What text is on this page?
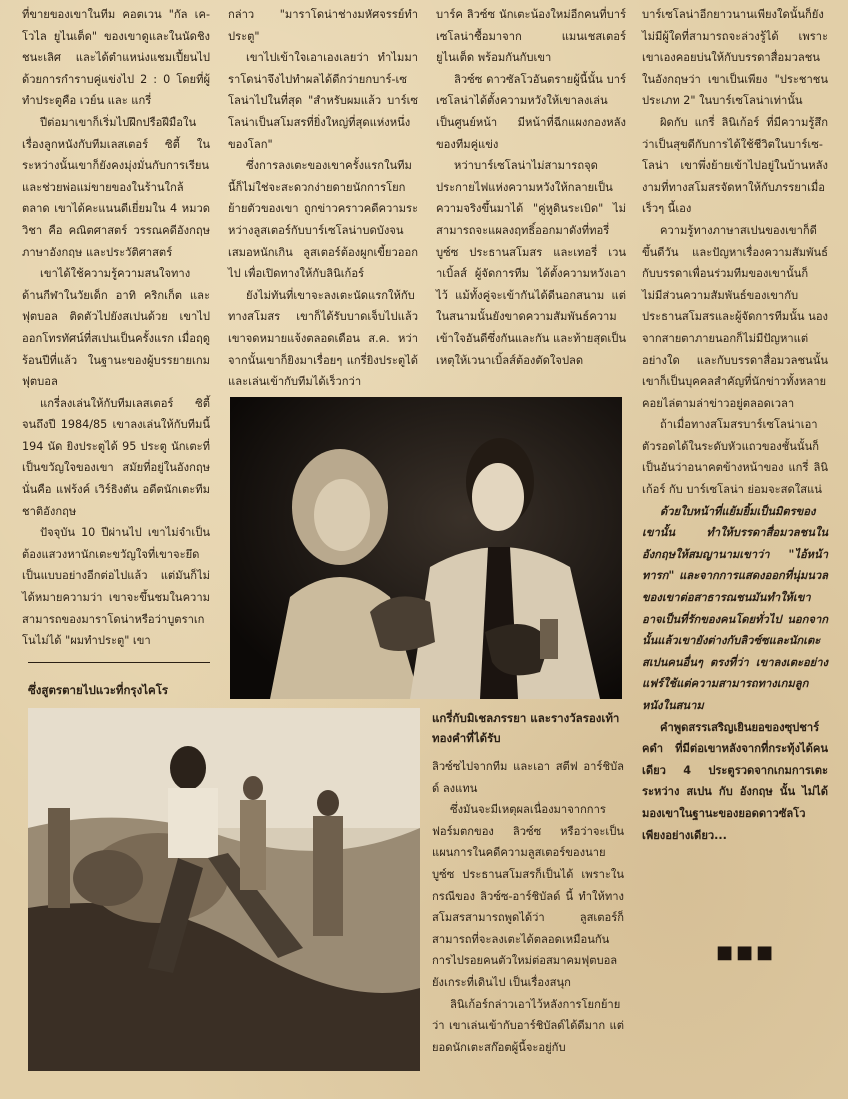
ที่ขายของเขาในทีม คอตเวน "กัล เค-โวไล ยูไนเต็ด" ของเขาดูและในนัดชิงชนะเลิศ และได้ตำแหน่งแชมเปี้ยนไปด้วยการกำราบคู่แข่งไป 2 : 0 โดยที่ผู้ทำประตูคือ เวย์น และ แกรี่

ปีต่อมาเขาก็เริ่มไปฝึกปรือฝีมือในเรื่องลูกหนังกับทีมเลสเตอร์ ซิตี้ ในระหว่างนั้นเขาก็ยังคงมุ่งมั่นกับการเรียน และช่วยพ่อแม่ขายของในร้านใกล้ตลาด เขาได้คะแนนดีเยี่ยมใน 4 หมวดวิชา คือ คณิตศาสตร์ วรรณคดีอังกฤษ ภาษาอังกฤษ และประวัติศาสตร์

เขาได้ใช้ความรู้ความสนใจทางด้านกีฬาในวัยเด็ก อาทิ คริกเก็ต และฟุตบอล ติดตัวไปยังสเปนด้วย เขาไปออกโทรทัศน์ที่สเปนเป็นครั้งแรก เมื่อฤดูร้อนปีที่แล้ว ในฐานะของผู้บรรยายเกมฟุตบอล

แกรี่ลงเล่นให้กับทีมเลสเตอร์ ซิตี้ จนถึงปี 1984/85 เขาลงเล่นให้กับทีมนี้ 194 นัด ยิงประตูได้ 95 ประตู นักเตะที่เป็นขวัญใจของเขา สมัยที่อยู่ในอังกฤษนั่นคือ แฟร้งค์ เวิร์ธิงตัน อดีตนักเตะทีมชาติอังกฤษ

ปัจจุบัน 10 ปีผ่านไป เขาไม่จำเป็นต้องแสวงหานักเตะขวัญใจที่เขาจะยึดเป็นแบบอย่างอีกต่อไปแล้ว แต่มันก็ไม่ได้หมายความว่า เขาจะขึ้นชมในความสามารถของมาราโดน่าหรือว่าบูตราเกโนไม่ได้ "ผมทำประตู" เขา

กล่าว "มาราโดน่าช่างมหัศจรรย์ทำประตู"

เขาไปเข้าใจเอาเองเลยว่า ทำไมมาราโดน่าจึงไปทำผลได้ดีกว่ายกบาร์-เซโลน่าไปในที่สุด "สำหรับผมแล้ว บาร์เซโลน่าเป็นสโมสรที่ยิ่งใหญ่ที่สุดแห่งหนึ่งของโลก"

ซึ่งการลงเตะของเขาครั้งแรกในทีมนี้ก็ไม่ใช่จะสะดวกง่ายดายนักการโยกย้ายตัวของเขา ถูกข่าวคราวคดีความระหว่างลูสเตอร์กับบาร์เซโลน่าบดบังจนเสมอหนักเกิน ลูสเตอร์ต้องผูกเขี้ยวออกไป เพื่อเปิดทางให้กับลินิเก้อร์

ยังไม่ทันที่เขาจะลงเตะนัดแรกให้กับทางสโมสร เขาก็ได้รับบาดเจ็บไปแล้ว เขาจดหมายแจ้งตลอดเดือน ส.ค. หว่าจากนั้นเขาก็ยิงมาเรื่อยๆ แกรี่ยิงประตูได้ และเล่นเข้ากับทีมได้เร็วกว่า

บาร์ค ลิวซ์ซ นักเตะน้องใหม่อีกคนที่บาร์เซโลน่าซื้อมาจาก แมนเชสเตอร์ ยูไนเต็ด พร้อมกันกับเขา

ลิวซ์ซ ดาวซัลโวอันตรายผู้นี้นั้น บาร์เซโลน่าได้ตั้งความหวังให้เขาลงเล่นเป็นศูนย์หน้า มีหน้าที่ฉีกแผงกองหลังของทีมคู่แข่ง

หว่าบาร์เซโลน่าไม่สามารถจุดประกายไฟแห่งความหวังให้กลายเป็นความจริงขึ้นมาได้ "คู่หูดินระเบิด" ไม่สามารถจะแผลงฤทธิ์ออกมาดังที่ทอรี่ บูซ์ซ ประธานสโมสร และเทอรี่ เวนาเบิ้ลส์ ผู้จัดการทีม ได้ตั้งความหวังเอาไว้ แม้ทั้งคู่จะเข้ากันได้ดีนอกสนาม แต่ในสนามนั้นยังขาดความสัมพันธ์ความเข้าใจอันดีซึ่งกันและกัน และท้ายสุดเป็นเหตุให้เวนาเบิ้ลส์ต้องตัดใจปลด

บาร์เซโลน่าอีกยาวนานเพียงใดนั้นก็ยังไม่มีผู้ใดที่สามารถจะล่วงรู้ได้ เพราะเขาเองคอยบ่นให้กับบรรดาสื่อมวลชนในอังกฤษว่า เขาเป็นเพียง "ประชาชนประเภท 2" ในบาร์เซโลน่าเท่านั้น

ผิดกับ แกรี่ ลินิเก้อร์ ที่มีความรู้สึกว่าเป็นสุขดีกับการได้ใช้ชีวิตในบาร์เซ-โลน่า เขาพึ่งย้ายเข้าไปอยู่ในบ้านหลังงามที่ทางสโมสรจัดหาให้กับภรรยาเมื่อเร็วๆ นี้เอง

ความรู้ทางภาษาสเปนของเขาก็ดีขึ้นดีวัน และปัญหาเรื่องความสัมพันธ์กับบรรดาเพื่อนร่วมทีมของเขานั้นก็ไม่มีส่วนความสัมพันธ์ของเขากับประธานสโมสรและผู้จัดการทีมนั้น นองจากสายตาภายนอกก็ไม่มีปัญหาแต่อย่างใด และกับบรรดาสื่อมวลชนนั้น เขาก็เป็นบุคคลสำคัญที่นักข่าวทั้งหลายคอยไล่ตามล่าข่าวอยู่ตลอดเวลา

ถ้าเมื่อทางสโมสรบาร์เซโลน่าเอาตัวรอดได้ในระดับหัวแถวของชั้นนั้นก็เป็นอันว่าอนาคตข้างหน้าของ แกรี่ ลินิเก้อร์ กับ บาร์เซโลน่า ย่อมจะสดใสแน่

ด้วยใบหน้าที่แย้มยิ้มเป็นมิตรของเขานั้น ทำให้บรรดาสื่อมวลชนในอังกฤษให้สมญานามเขาว่า "ไอ้หน้าทารก" และจากการแสดงออกที่นุ่มนวลของเขาต่อสาธารณชนมันทำให้เขาอาจเป็นที่รักของคนโดยทั่วไป นอกจากนั้นแล้วเขายังต่างกับลิวซ์ซและนักเตะสเปนคนอื่นๆ ตรงที่ว่า เขาลงเตะอย่างแฟร์ใช้แต่ความสามารถทางเกมลูกหนังในสนาม

คำพูดสรรเสริญเยินยอของซุปชาร์คดำ ที่มีต่อเขาหลังจากที่กระทุ้งได้คนเดียว 4 ประตูรวดจากเกมการเตะระหว่าง สเปน กับ อังกฤษ นั้น ไม่ได้มองเขาในฐานะของยอดดาวซัลโวเพียงอย่างเดียว...

แกรี่กับมิเชลภรรยา และรางวัลรองเท้าทองคำที่ได้รับ
ซึ่งสูตรตายไปแวะที่กรุงไคโร

ลิวซ์ซไปจากทีม และเอา สตีฟ อาร์ชิบัลด์ ลงแทน

ซึ่งมันจะมีเหตุผลเนื่องมาจากการฟอร์มตกของ ลิวซ์ซ หรือว่าจะเป็นแผนการในคดีความลูสเตอร์ของนายบูซ์ซ ประธานสโมสรก็เป็นได้ เพราะในกรณีของ ลิวซ์ซ-อาร์ชิบัลด์ นี้ ทำให้ทางสโมสรสามารถพูดได้ว่า ลูสเตอร์ก็สามารถที่จะลงเตะได้ตลอดเหมือนกัน การไปรอยคนตัวใหม่ต่อสมาคมฟุตบอลยังเกระที่เดินไป เป็นเรื่องสนุก

ลินิเก้อร์กล่าวเอาไว้หลังการโยกย้ายว่า เขาเล่นเข้ากับอาร์ชิบัลด์ได้ดีมาก แต่ยอดนักเตะสก๊อตผู้นี้จะอยู่กับ

■■■
